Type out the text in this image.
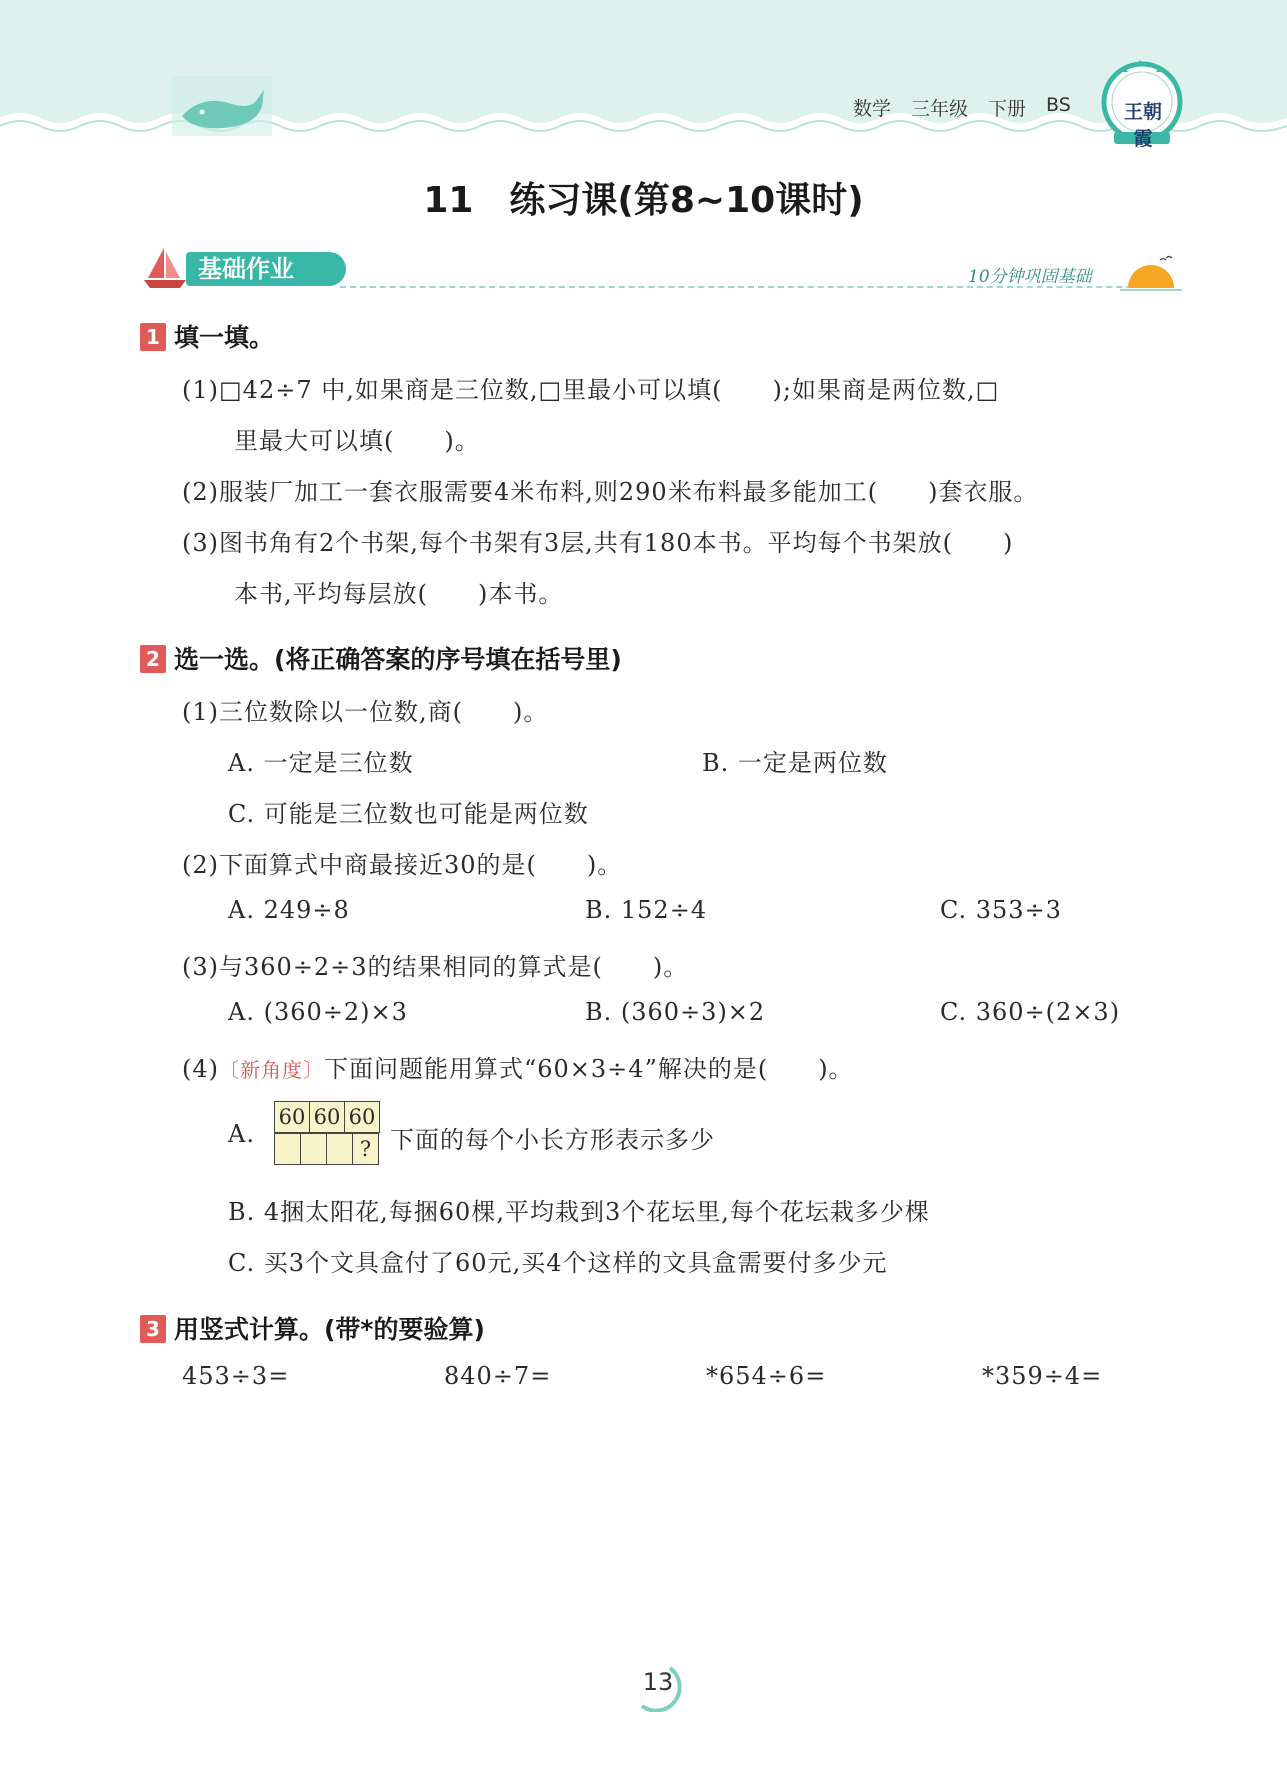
数学 三年级 下册 BS	王朝霞
11　练习课(第8~10课时)
基础作业	10分钟巩固基础
1 填一填。
(1)□42÷7 中,如果商是三位数,□里最小可以填(　　);如果商是两位数,□
里最大可以填(　　)。
(2)服装厂加工一套衣服需要4米布料,则290米布料最多能加工(　　)套衣服。
(3)图书角有2个书架,每个书架有3层,共有180本书。平均每个书架放(　　)
本书,平均每层放(　　)本书。
2 选一选。(将正确答案的序号填在括号里)
(1)三位数除以一位数,商(　　)。
A. 一定是三位数	B. 一定是两位数
C. 可能是三位数也可能是两位数
(2)下面算式中商最接近30的是(　　)。
A. 249÷8	B. 152÷4	C. 353÷3
(3)与360÷2÷3的结果相同的算式是(　　)。
A. (360÷2)×3	B. (360÷3)×2	C. 360÷(2×3)
(4)〔新角度〕下面问题能用算式“60×3÷4”解决的是(　　)。
A.
60	60	60
			? 下面的每个小长方形表示多少
B. 4捆太阳花,每捆60棵,平均栽到3个花坛里,每个花坛栽多少棵
C. 买3个文具盒付了60元,买4个这样的文具盒需要付多少元
3 用竖式计算。(带*的要验算)
453÷3=	840÷7=	*654÷6=	*359÷4=
13
